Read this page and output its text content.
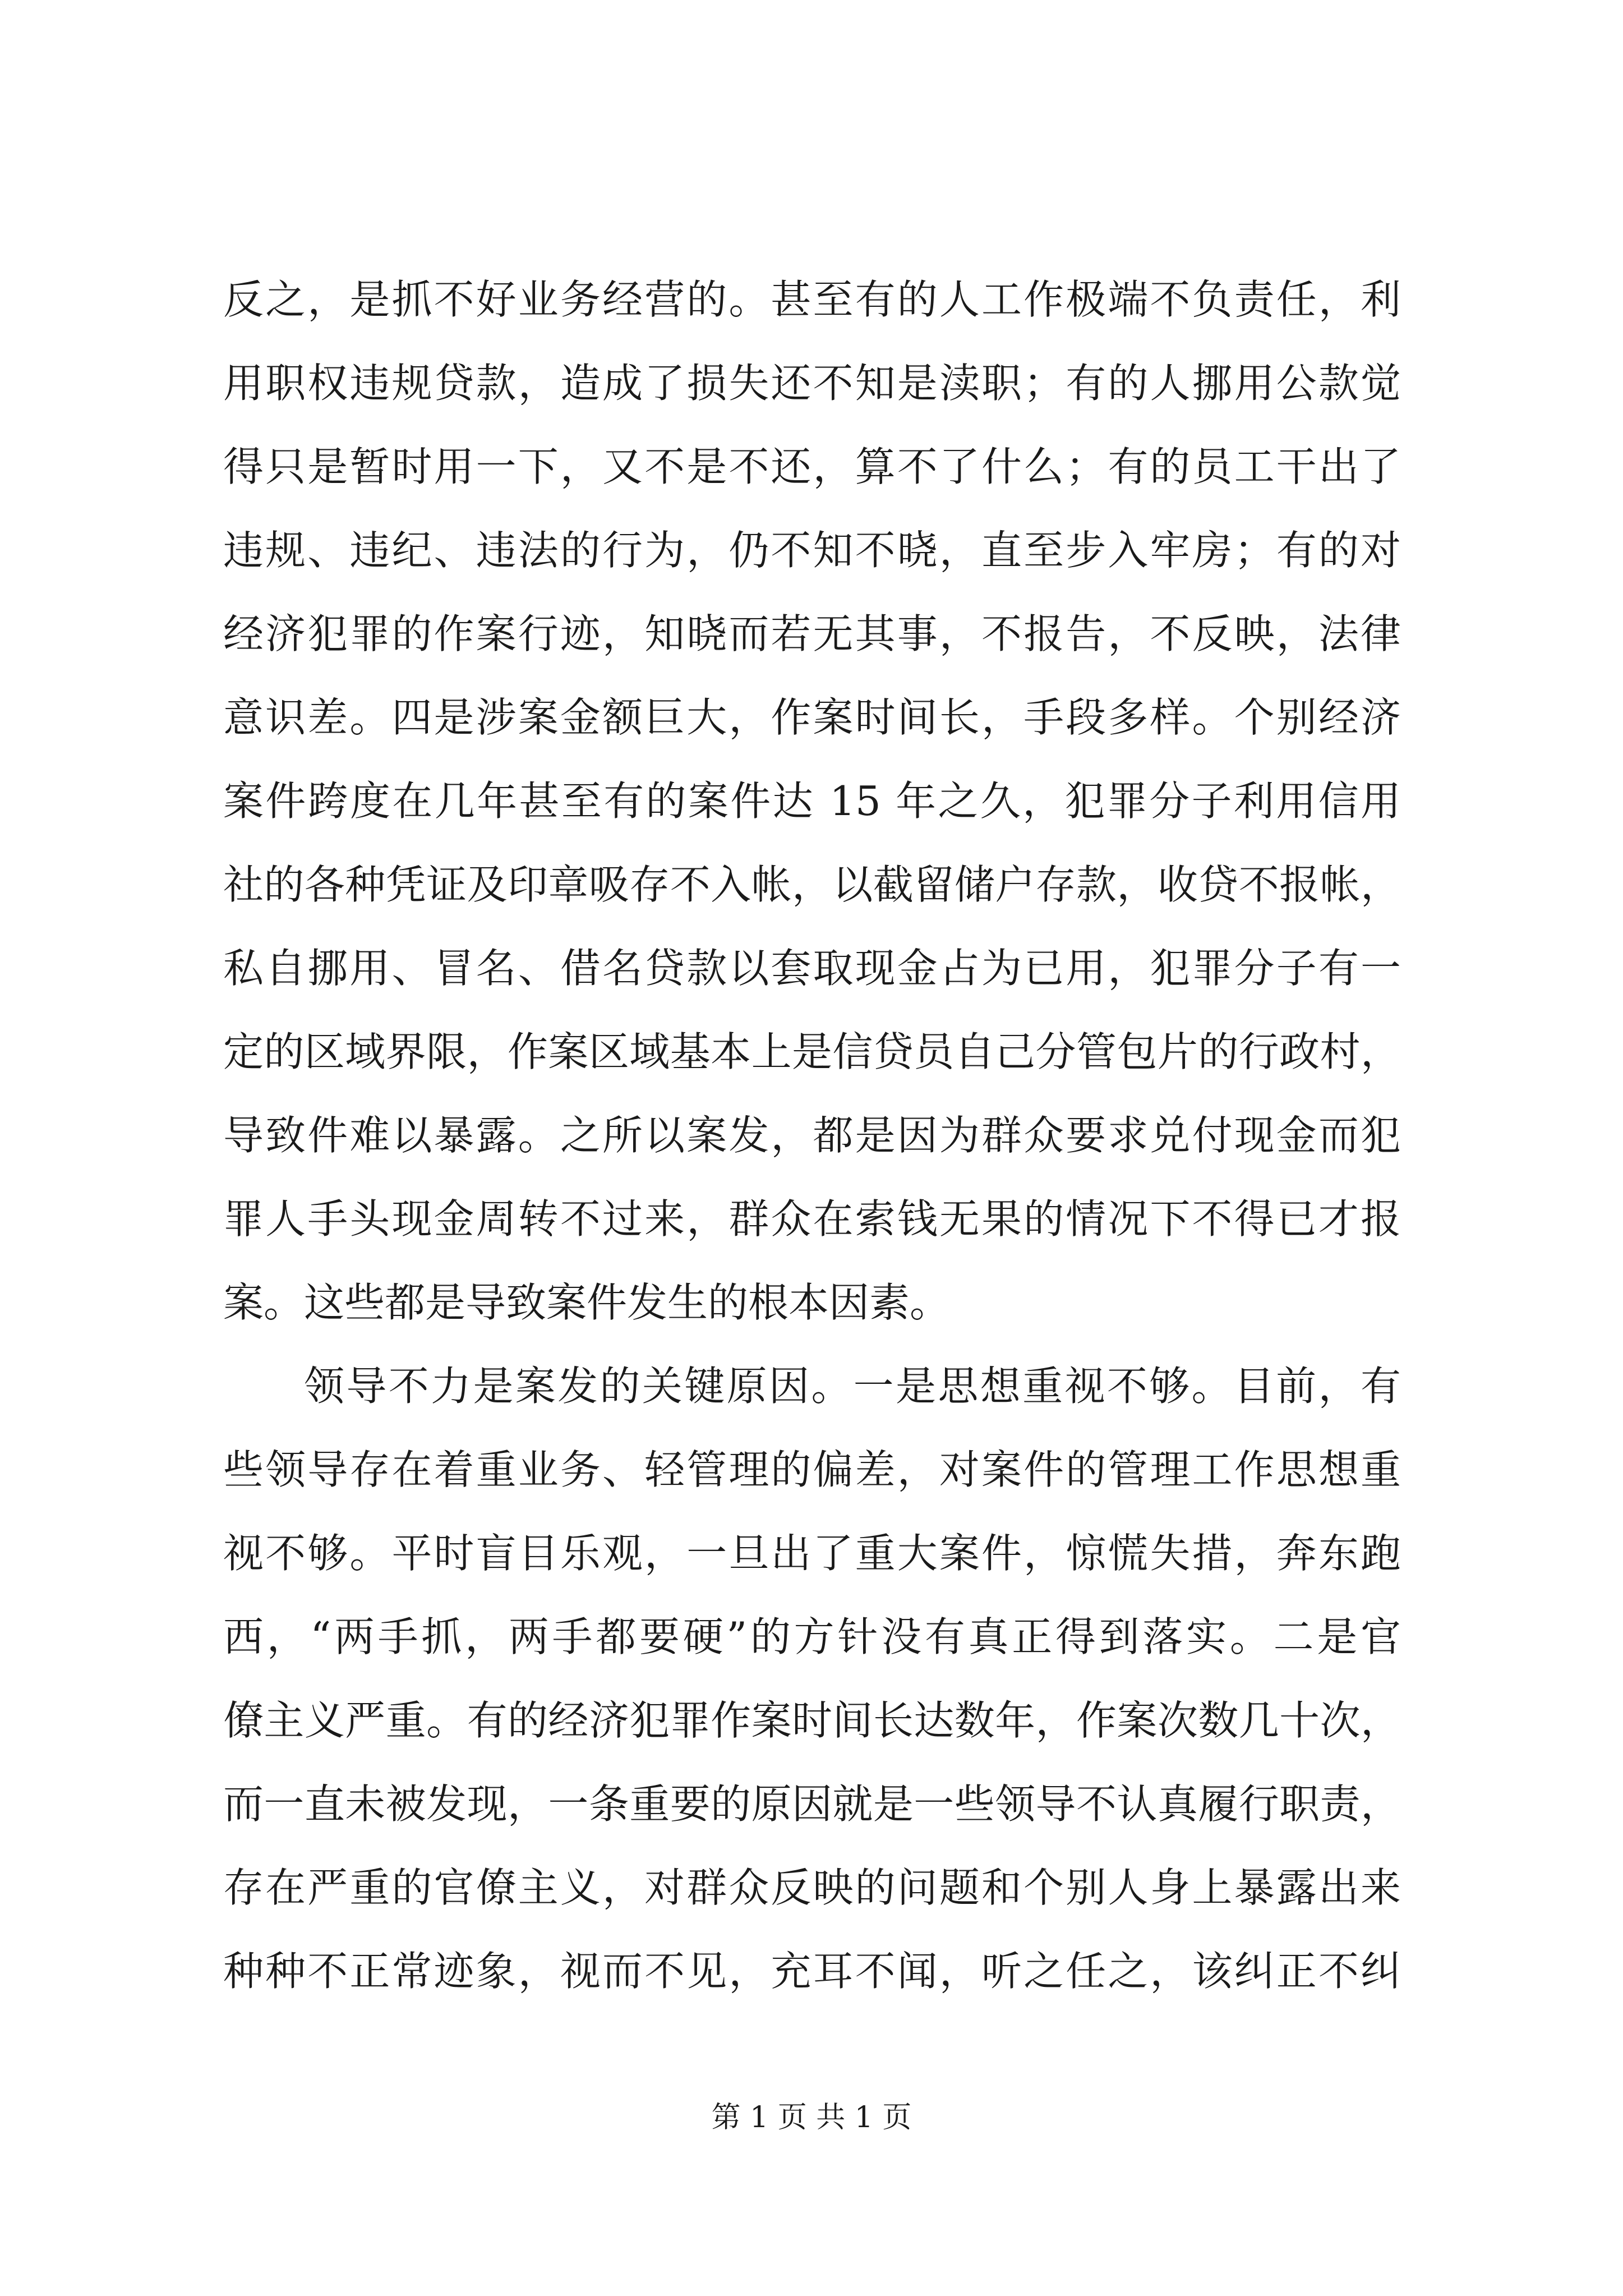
反之，是抓不好业务经营的。甚至有的人工作极端不负责任，利
用职权违规贷款，造成了损失还不知是渎职；有的人挪用公款觉
得只是暂时用一下，又不是不还，算不了什么；有的员工干出了
违规、违纪、违法的行为，仍不知不晓，直至步入牢房；有的对
经济犯罪的作案行迹，知晓而若无其事，不报告，不反映，法律
意识差。四是涉案金额巨大，作案时间长，手段多样。个别经济
案件跨度在几年甚至有的案件达 15 年之久，犯罪分子利用信用
社的各种凭证及印章吸存不入帐，以截留储户存款，收贷不报帐，
私自挪用、冒名、借名贷款以套取现金占为已用，犯罪分子有一
定的区域界限，作案区域基本上是信贷员自己分管包片的行政村，
导致件难以暴露。之所以案发，都是因为群众要求兑付现金而犯
罪人手头现金周转不过来，群众在索钱无果的情况下不得已才报
案。这些都是导致案件发生的根本因素。
领导不力是案发的关键原因。一是思想重视不够。目前，有
些领导存在着重业务、轻管理的偏差，对案件的管理工作思想重
视不够。平时盲目乐观，一旦出了重大案件，惊慌失措，奔东跑
西，“两手抓，两手都要硬”的方针没有真正得到落实。二是官
僚主义严重。有的经济犯罪作案时间长达数年，作案次数几十次，
而一直未被发现，一条重要的原因就是一些领导不认真履行职责，
存在严重的官僚主义，对群众反映的问题和个别人身上暴露出来
种种不正常迹象，视而不见，充耳不闻，听之任之，该纠正不纠
第 1 页 共 1 页
